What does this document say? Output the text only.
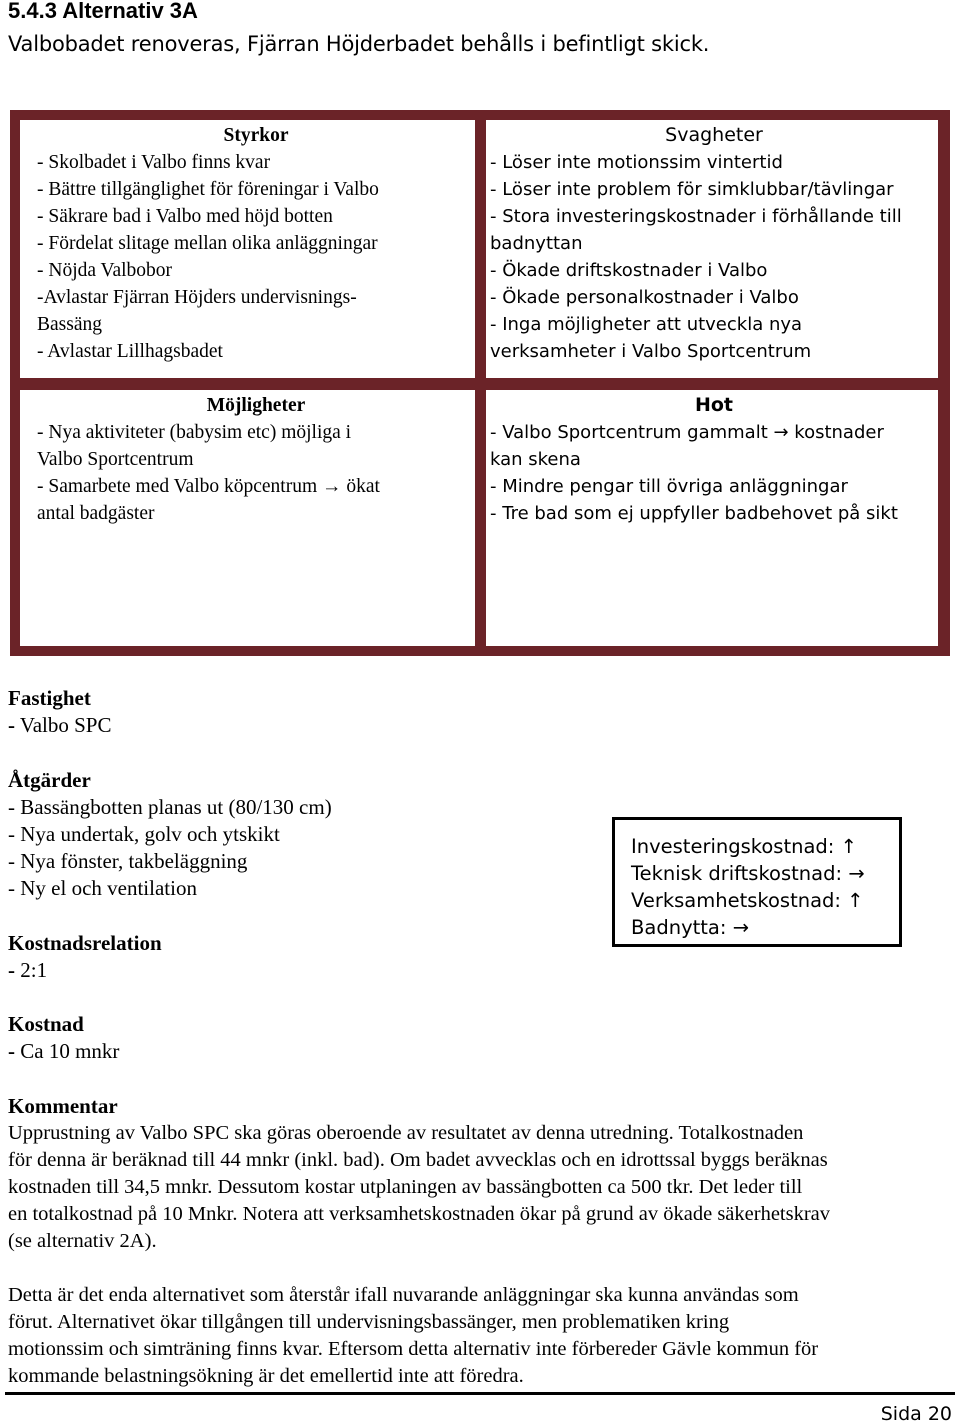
5.4.3 Alternativ 3A
Valbobadet renoveras, Fjärran Höjderbadet behålls i befintligt skick.
Styrkor
- Skolbadet i Valbo finns kvar
- Bättre tillgänglighet för föreningar i Valbo
- Säkrare bad i Valbo med höjd botten
- Fördelat slitage mellan olika anläggningar
- Nöjda Valbobor
-Avlastar Fjärran Höjders undervisnings-
Bassäng
- Avlastar Lillhagsbadet
Svagheter
- Löser inte motionssim vintertid
- Löser inte problem för simklubbar/tävlingar
- Stora investeringskostnader i förhållande till
badnyttan
- Ökade driftskostnader i Valbo
- Ökade personalkostnader i Valbo
- Inga möjligheter att utveckla nya
verksamheter i Valbo Sportcentrum
Möjligheter
- Nya aktiviteter (babysim etc) möjliga i
Valbo Sportcentrum
- Samarbete med Valbo köpcentrum → ökat
antal badgäster
Hot
- Valbo Sportcentrum gammalt → kostnader
kan skena
- Mindre pengar till övriga anläggningar
- Tre bad som ej uppfyller badbehovet på sikt
Fastighet
- Valbo SPC
Åtgärder
- Bassängbotten planas ut (80/130 cm)
- Nya undertak, golv och ytskikt
- Nya fönster, takbeläggning
- Ny el och ventilation
Kostnadsrelation
- 2:1
Kostnad
- Ca 10 mnkr
Investeringskostnad: ↑
Teknisk driftskostnad: →
Verksamhetskostnad: ↑
Badnytta: →
Kommentar
Upprustning av Valbo SPC ska göras oberoende av resultatet av denna utredning. Totalkostnaden
för denna är beräknad till 44 mnkr (inkl. bad). Om badet avvecklas och en idrottssal byggs beräknas
kostnaden till 34,5 mnkr. Dessutom kostar utplaningen av bassängbotten ca 500 tkr. Det leder till
en totalkostnad på 10 Mnkr. Notera att verksamhetskostnaden ökar på grund av ökade säkerhetskrav
(se alternativ 2A).
Detta är det enda alternativet som återstår ifall nuvarande anläggningar ska kunna användas som
förut. Alternativet ökar tillgången till undervisningsbassänger, men problematiken kring
motionssim och simträning finns kvar. Eftersom detta alternativ inte förbereder Gävle kommun för
kommande belastningsökning är det emellertid inte att föredra.
Sida 20
